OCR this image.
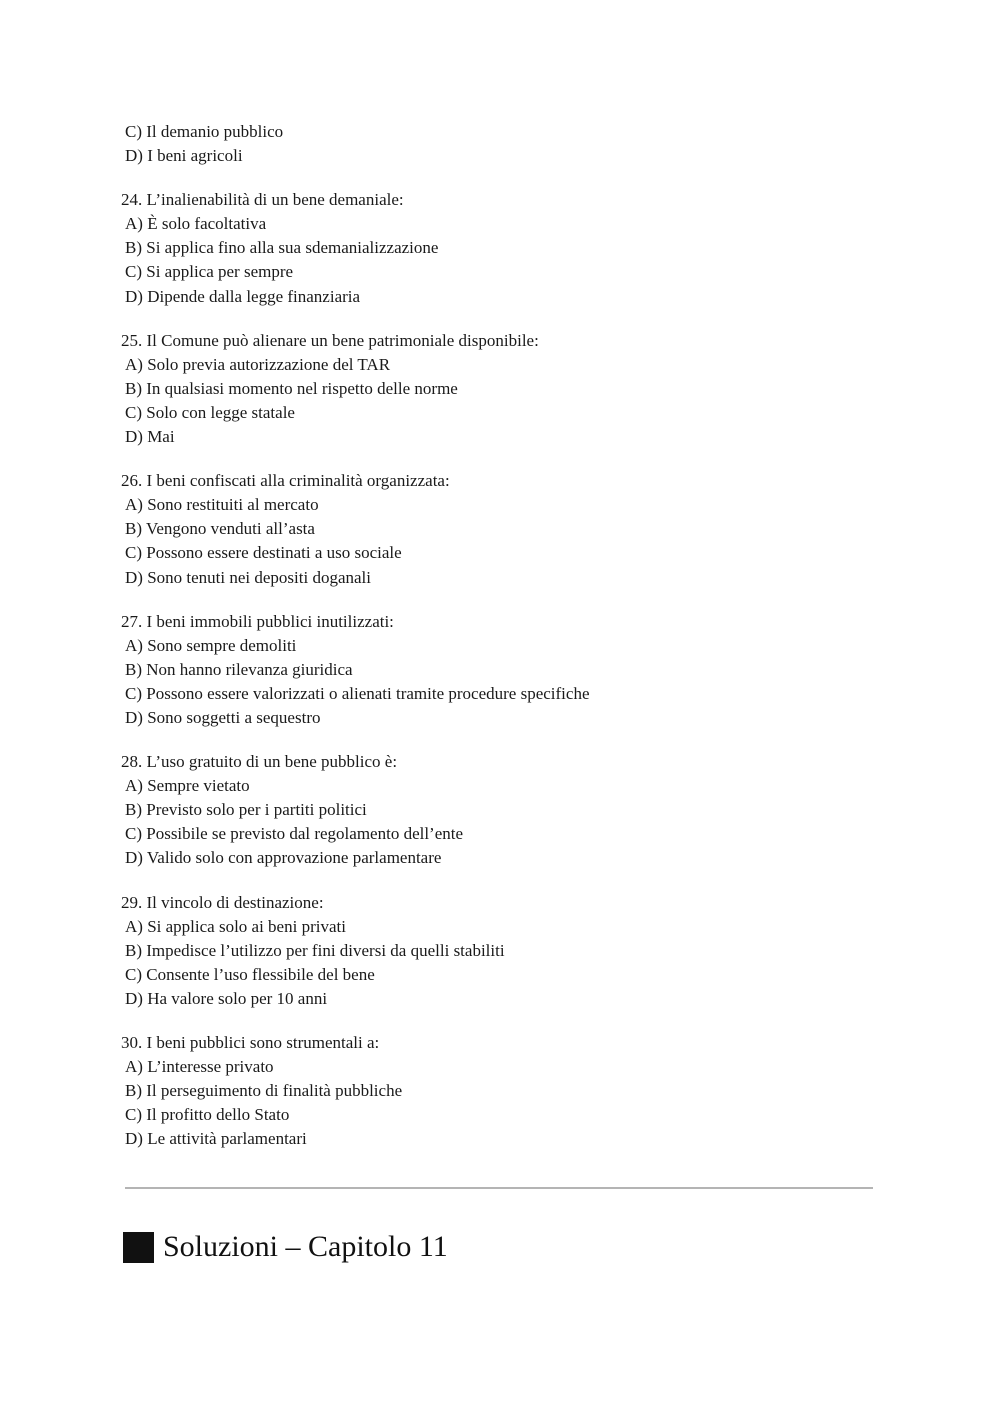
C) Il demanio pubblico
D) I beni agricoli
24. L’inalienabilità di un bene demaniale:
A) È solo facoltativa
B) Si applica fino alla sua sdemanializzazione
C) Si applica per sempre
D) Dipende dalla legge finanziaria
25. Il Comune può alienare un bene patrimoniale disponibile:
A) Solo previa autorizzazione del TAR
B) In qualsiasi momento nel rispetto delle norme
C) Solo con legge statale
D) Mai
26. I beni confiscati alla criminalità organizzata:
A) Sono restituiti al mercato
B) Vengono venduti all’asta
C) Possono essere destinati a uso sociale
D) Sono tenuti nei depositi doganali
27. I beni immobili pubblici inutilizzati:
A) Sono sempre demoliti
B) Non hanno rilevanza giuridica
C) Possono essere valorizzati o alienati tramite procedure specifiche
D) Sono soggetti a sequestro
28. L’uso gratuito di un bene pubblico è:
A) Sempre vietato
B) Previsto solo per i partiti politici
C) Possibile se previsto dal regolamento dell’ente
D) Valido solo con approvazione parlamentare
29. Il vincolo di destinazione:
A) Si applica solo ai beni privati
B) Impedisce l’utilizzo per fini diversi da quelli stabiliti
C) Consente l’uso flessibile del bene
D) Ha valore solo per 10 anni
30. I beni pubblici sono strumentali a:
A) L’interesse privato
B) Il perseguimento di finalità pubbliche
C) Il profitto dello Stato
D) Le attività parlamentari
Soluzioni – Capitolo 11
